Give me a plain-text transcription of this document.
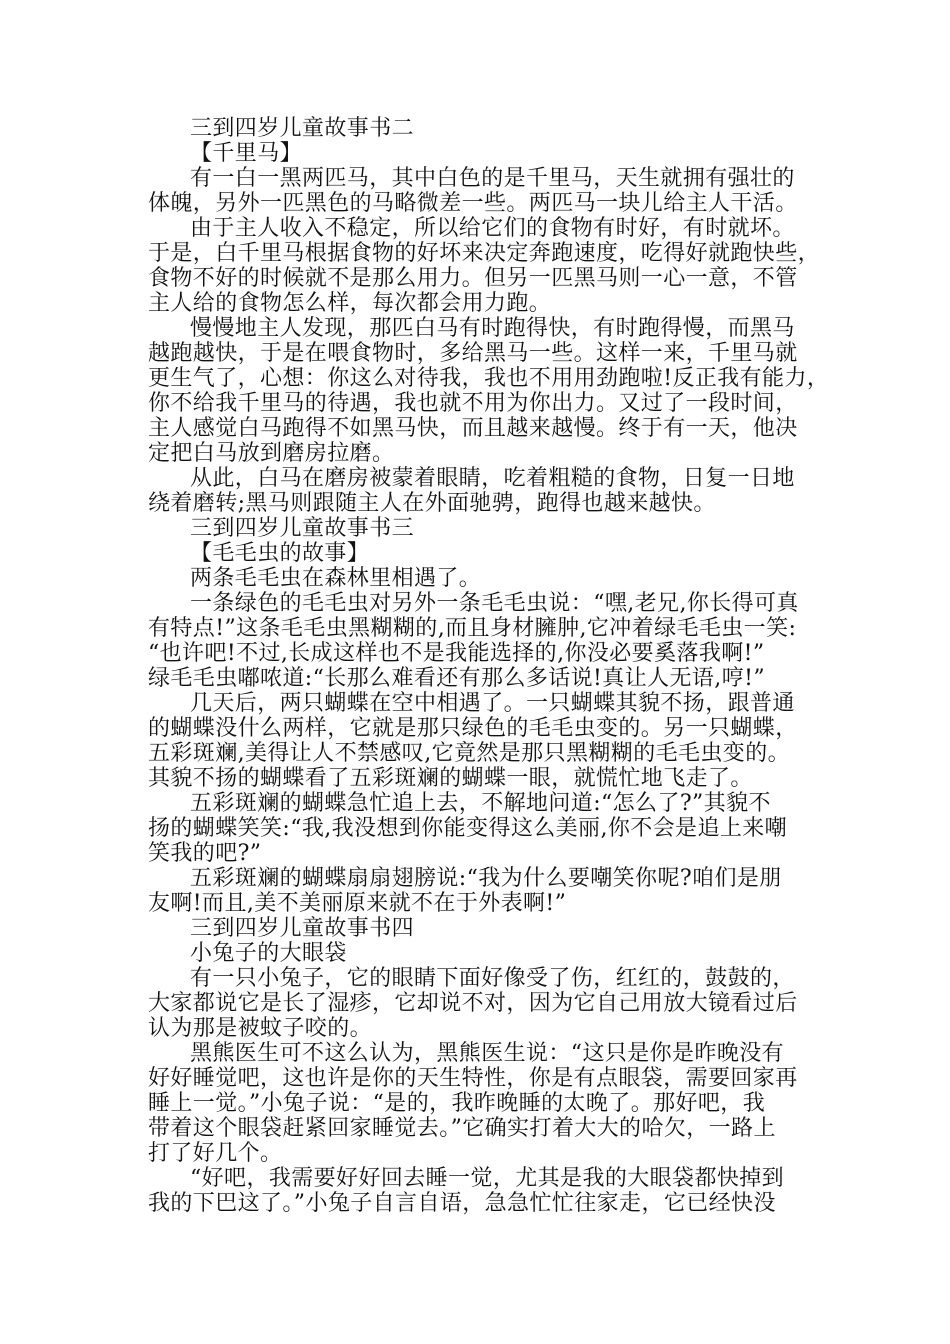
三到四岁儿童故事书二
【千里马】
有一白一黑两匹马，其中白色的是千里马，天生就拥有强壮的
体魄，另外一匹黑色的马略微差一些。两匹马一块儿给主人干活。
由于主人收入不稳定，所以给它们的食物有时好，有时就坏。
于是，白千里马根据食物的好坏来决定奔跑速度，吃得好就跑快些，
食物不好的时候就不是那么用力。但另一匹黑马则一心一意，不管
主人给的食物怎么样，每次都会用力跑。
慢慢地主人发现，那匹白马有时跑得快，有时跑得慢，而黑马
越跑越快，于是在喂食物时，多给黑马一些。这样一来，千里马就
更生气了，心想：你这么对待我，我也不用用劲跑啦!反正我有能力，
你不给我千里马的待遇，我也就不用为你出力。又过了一段时间，
主人感觉白马跑得不如黑马快，而且越来越慢。终于有一天，他决
定把白马放到磨房拉磨。
从此，白马在磨房被蒙着眼睛，吃着粗糙的食物，日复一日地
绕着磨转;黑马则跟随主人在外面驰骋，跑得也越来越快。
三到四岁儿童故事书三
【毛毛虫的故事】
两条毛毛虫在森林里相遇了。
一条绿色的毛毛虫对另外一条毛毛虫说：“嘿,老兄,你长得可真
有特点!”这条毛毛虫黑糊糊的,而且身材臃肿,它冲着绿毛毛虫一笑:
“也许吧!不过,长成这样也不是我能选择的,你没必要奚落我啊!”
绿毛毛虫嘟哝道:“长那么难看还有那么多话说!真让人无语,哼!”
几天后，两只蝴蝶在空中相遇了。一只蝴蝶其貌不扬，跟普通
的蝴蝶没什么两样，它就是那只绿色的毛毛虫变的。另一只蝴蝶，
五彩斑斓,美得让人不禁感叹,它竟然是那只黑糊糊的毛毛虫变的。
其貌不扬的蝴蝶看了五彩斑斓的蝴蝶一眼，就慌忙地飞走了。
五彩斑斓的蝴蝶急忙追上去，不解地问道:“怎么了?”其貌不
扬的蝴蝶笑笑:“我,我没想到你能变得这么美丽,你不会是追上来嘲
笑我的吧?”
五彩斑斓的蝴蝶扇扇翅膀说:“我为什么要嘲笑你呢?咱们是朋
友啊!而且,美不美丽原来就不在于外表啊!”
三到四岁儿童故事书四
小兔子的大眼袋
有一只小兔子，它的眼睛下面好像受了伤，红红的，鼓鼓的，
大家都说它是长了湿疹，它却说不对，因为它自己用放大镜看过后
认为那是被蚊子咬的。
黑熊医生可不这么认为，黑熊医生说：“这只是你是昨晚没有
好好睡觉吧，这也许是你的天生特性，你是有点眼袋，需要回家再
睡上一觉。”小兔子说：“是的，我昨晚睡的太晚了。那好吧，我
带着这个眼袋赶紧回家睡觉去。”它确实打着大大的哈欠，一路上
打了好几个。
“好吧，我需要好好回去睡一觉，尤其是我的大眼袋都快掉到
我的下巴这了。”小兔子自言自语，急急忙忙往家走，它已经快没
